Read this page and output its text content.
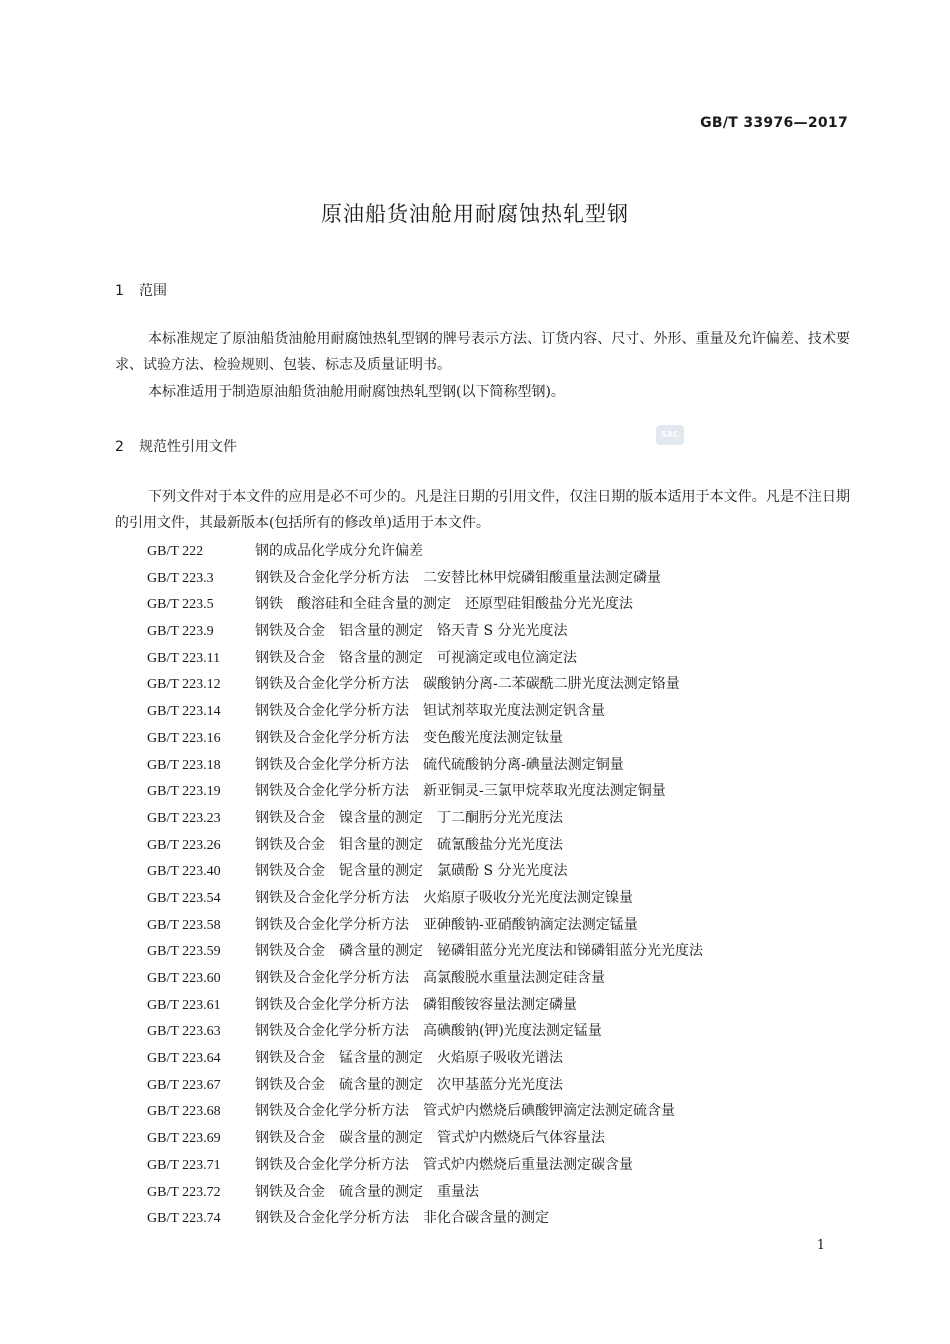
GB/T 33976—2017
原油船货油舱用耐腐蚀热轧型钢
1 范围
本标准规定了原油船货油舱用耐腐蚀热轧型钢的牌号表示方法、订货内容、尺寸、外形、重量及允许偏差、技术要求、试验方法、检验规则、包装、标志及质量证明书。
本标准适用于制造原油船货油舱用耐腐蚀热轧型钢(以下简称型钢)。
2 规范性引用文件
SAC
下列文件对于本文件的应用是必不可少的。凡是注日期的引用文件，仅注日期的版本适用于本文件。凡是不注日期的引用文件，其最新版本(包括所有的修改单)适用于本文件。
GB/T 222	钢的成品化学成分允许偏差
GB/T 223.3	钢铁及合金化学分析方法　二安替比林甲烷磷钼酸重量法测定磷量
GB/T 223.5	钢铁　酸溶硅和全硅含量的测定　还原型硅钼酸盐分光光度法
GB/T 223.9	钢铁及合金　铝含量的测定　铬天青 S 分光光度法
GB/T 223.11 钢铁及合金　铬含量的测定　可视滴定或电位滴定法
GB/T 223.12 钢铁及合金化学分析方法　碳酸钠分离-二苯碳酰二肼光度法测定铬量
GB/T 223.14 钢铁及合金化学分析方法　钽试剂萃取光度法测定钒含量
GB/T 223.16 钢铁及合金化学分析方法　变色酸光度法测定钛量
GB/T 223.18 钢铁及合金化学分析方法　硫代硫酸钠分离-碘量法测定铜量
GB/T 223.19 钢铁及合金化学分析方法　新亚铜灵-三氯甲烷萃取光度法测定铜量
GB/T 223.23 钢铁及合金　镍含量的测定　丁二酮肟分光光度法
GB/T 223.26 钢铁及合金　钼含量的测定　硫氰酸盐分光光度法
GB/T 223.40 钢铁及合金　铌含量的测定　氯磺酚 S 分光光度法
GB/T 223.54 钢铁及合金化学分析方法　火焰原子吸收分光光度法测定镍量
GB/T 223.58 钢铁及合金化学分析方法　亚砷酸钠-亚硝酸钠滴定法测定锰量
GB/T 223.59 钢铁及合金　磷含量的测定　铋磷钼蓝分光光度法和锑磷钼蓝分光光度法
GB/T 223.60 钢铁及合金化学分析方法　高氯酸脱水重量法测定硅含量
GB/T 223.61 钢铁及合金化学分析方法　磷钼酸铵容量法测定磷量
GB/T 223.63 钢铁及合金化学分析方法　高碘酸钠(钾)光度法测定锰量
GB/T 223.64 钢铁及合金　锰含量的测定　火焰原子吸收光谱法
GB/T 223.67 钢铁及合金　硫含量的测定　次甲基蓝分光光度法
GB/T 223.68 钢铁及合金化学分析方法　管式炉内燃烧后碘酸钾滴定法测定硫含量
GB/T 223.69 钢铁及合金　碳含量的测定　管式炉内燃烧后气体容量法
GB/T 223.71 钢铁及合金化学分析方法　管式炉内燃烧后重量法测定碳含量
GB/T 223.72 钢铁及合金　硫含量的测定　重量法
GB/T 223.74 钢铁及合金化学分析方法　非化合碳含量的测定
1
